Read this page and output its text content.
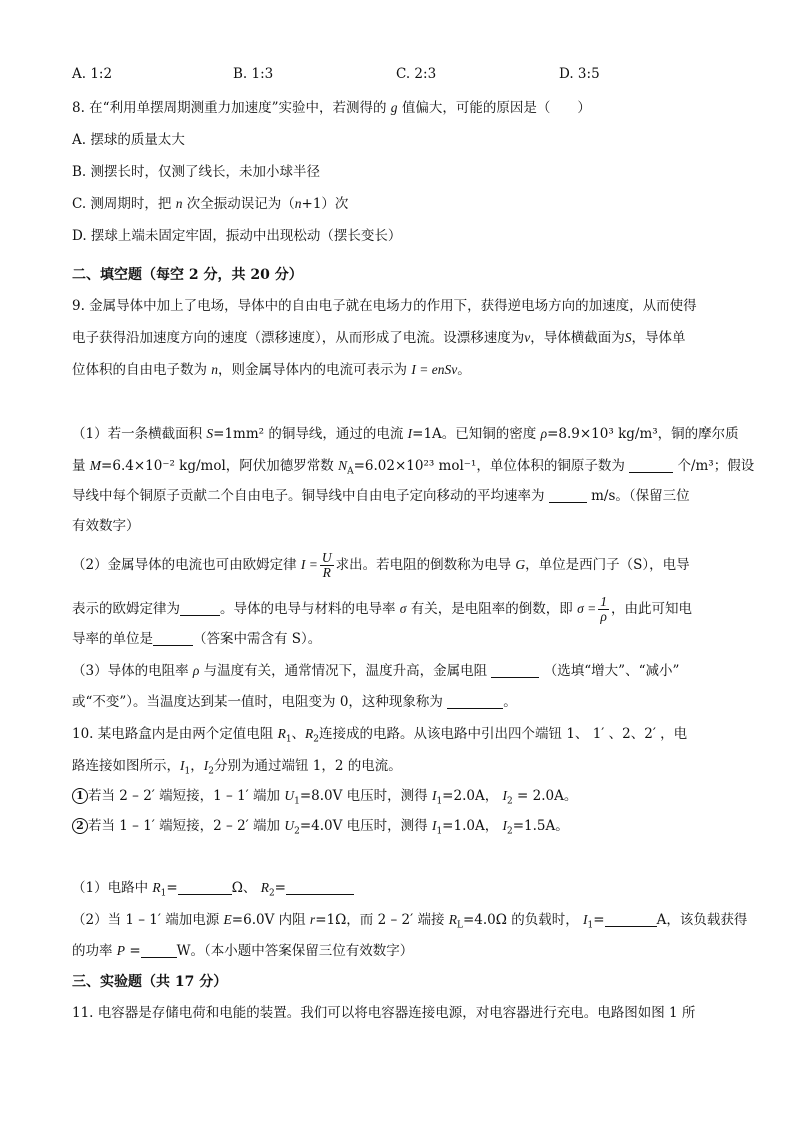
A. 1:2	B. 1:3	C. 2:3	D. 3:5
8. 在“利用单摆周期测重力加速度”实验中，若测得的 g 值偏大，可能的原因是（　　）
A. 摆球的质量太大
B. 测摆长时，仅测了线长，未加小球半径
C. 测周期时，把 n 次全振动误记为（n+1）次
D. 摆球上端未固定牢固，振动中出现松动（摆长变长）
二、填空题（每空 2 分，共 20 分）
9. 金属导体中加上了电场，导体中的自由电子就在电场力的作用下，获得逆电场方向的加速度，从而使得
电子获得沿加速度方向的速度（漂移速度），从而形成了电流。设漂移速度为v，导体横截面为S，导体单
位体积的自由电子数为 n，则金属导体内的电流可表示为 I = enSv。
（1）若一条横截面积 S=1mm² 的铜导线，通过的电流 I=1A。已知铜的密度 ρ=8.9×10³ kg/m³，铜的摩尔质
量 M=6.4×10⁻² kg/mol，阿伏加德罗常数 $N_A=6.02\times 10^{23}$ mol⁻¹，单位体积的铜原子数为	个/m³；假设
导线中每个铜原子贡献二个自由电子。铜导线中自由电子定向移动的平均速率为	m/s。（保留三位
有效数字）
（2）金属导体的电流也可由欧姆定律 $I = \frac{U}{R}$ 求出。若电阻的倒数称为电导 G，单位是西门子（S），电导
表示的欧姆定律为	。导体的电导与材料的电导率 σ 有关，是电阻率的倒数，即 $\sigma = \frac{1}{\rho}$ ，由此可知电
导率的单位是	（答案中需含有 S）。
（3）导体的电阻率 ρ 与温度有关，通常情况下，温度升高，金属电阻	（选填“增大”、“减小”
或“不变”）。当温度达到某一值时，电阻变为 0，这种现象称为	。
10. 某电路盒内是由两个定值电阻 $R_1$、$R_2$连接成的电路。从该电路中引出四个端钮 1、 1′ 、2、2′ ，电
路连接如图所示，$I_1$，$I_2$分别为通过端钮 1，2 的电流。
1 若当 2 – 2′ 端短接，1 – 1′ 端加 $U_1=8.0V$ 电压时，测得 $I_1=2.0A$， $I_2 = 2.0A$。
2 若当 1 – 1′ 端短接，2 – 2′ 端加 $U_2=4.0V$ 电压时，测得 $I_1=1.0A$， $I_2=1.5A$。
（1）电路中 $R_1=$	Ω、 $R_2=$
（2）当 1 – 1′ 端加电源 E=6.0V 内阻 r=1Ω，而 2 – 2′ 端接 $R_L=4.0\Omega$ 的负载时， $I_1=$	A，该负载获得
的功率 P =	W。（本小题中答案保留三位有效数字）
三、实验题（共 17 分）
11. 电容器是存储电荷和电能的装置。我们可以将电容器连接电源，对电容器进行充电。电路图如图 1 所
